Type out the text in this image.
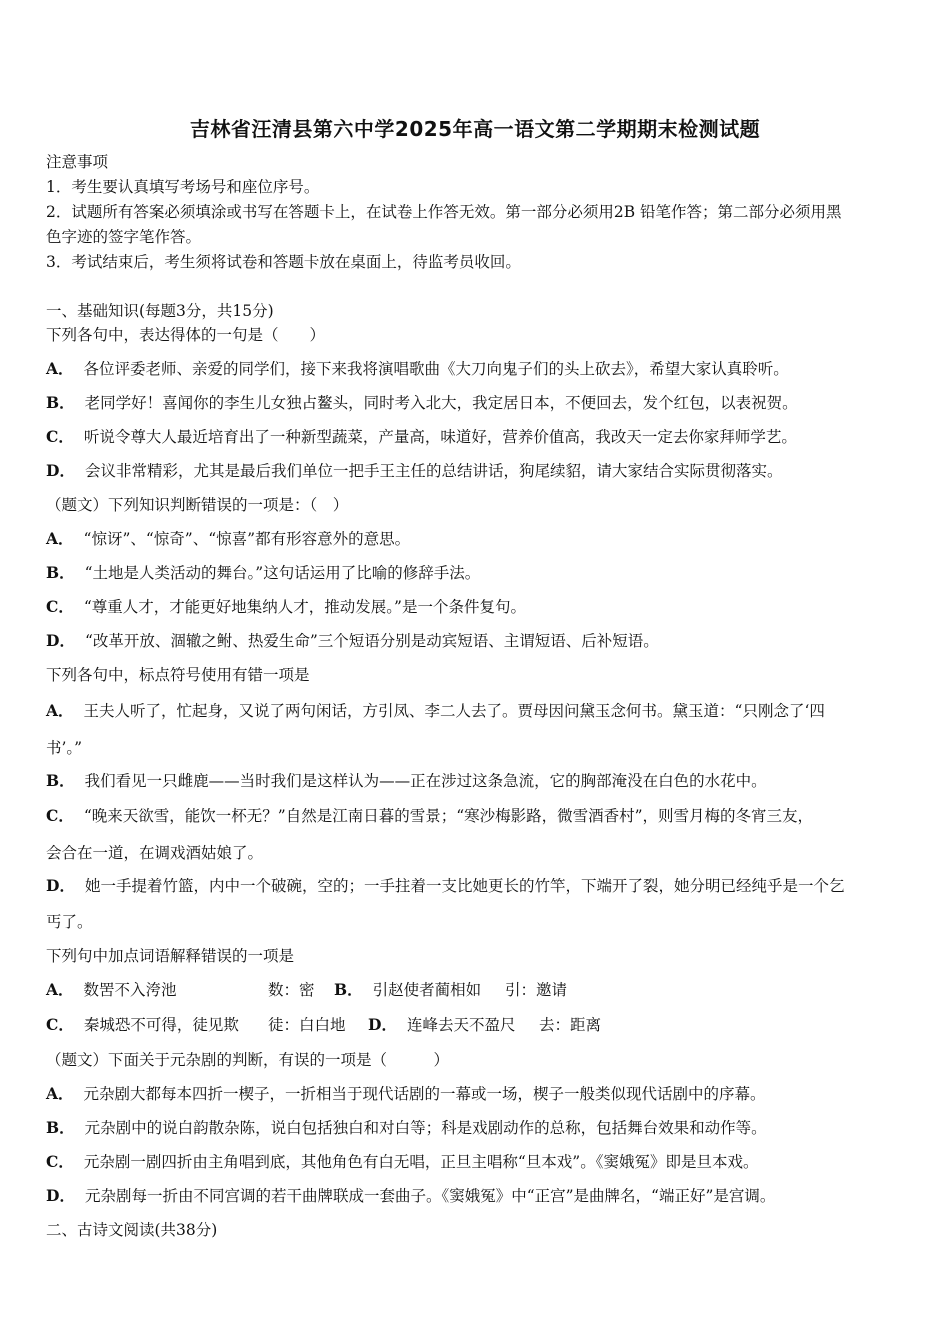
吉林省汪清县第六中学2025年高一语文第二学期期末检测试题
注意事项
1．考生要认真填写考场号和座位序号。
2．试题所有答案必须填涂或书写在答题卡上，在试卷上作答无效。第一部分必须用2B 铅笔作答；第二部分必须用黑
色字迹的签字笔作答。
3．考试结束后，考生须将试卷和答题卡放在桌面上，待监考员收回。
一、基础知识(每题3分，共15分)
下列各句中，表达得体的一句是（　　）
A． 各位评委老师、亲爱的同学们，接下来我将演唱歌曲《大刀向鬼子们的头上砍去》，希望大家认真聆听。
B． 老同学好！喜闻你的李生儿女独占鳌头，同时考入北大，我定居日本，不便回去，发个红包，以表祝贺。
C． 听说令尊大人最近培育出了一种新型蔬菜，产量高，味道好，营养价值高，我改天一定去你家拜师学艺。
D． 会议非常精彩，尤其是最后我们单位一把手王主任的总结讲话，狗尾续貂，请大家结合实际贯彻落实。
（题文）下列知识判断错误的一项是：（　）
A． “惊讶”、“惊奇”、“惊喜”都有形容意外的意思。
B． “土地是人类活动的舞台。”这句话运用了比喻的修辞手法。
C． “尊重人才，才能更好地集纳人才，推动发展。”是一个条件复句。
D． “改革开放、涸辙之鲋、热爱生命”三个短语分别是动宾短语、主谓短语、后补短语。
下列各句中，标点符号使用有错一项是
A． 王夫人听了，忙起身，又说了两句闲话，方引凤、李二人去了。贾母因问黛玉念何书。黛玉道：“只刚念了‘四
书’。”
B． 我们看见一只雌鹿——当时我们是这样认为——正在涉过这条急流，它的胸部淹没在白色的水花中。
C． “晚来天欲雪，能饮一杯无？”自然是江南日暮的雪景；“寒沙梅影路，微雪酒香村”，则雪月梅的冬宵三友，
会合在一道，在调戏酒姑娘了。
D． 她一手提着竹篮，内中一个破碗，空的；一手拄着一支比她更长的竹竿，下端开了裂，她分明已经纯乎是一个乞
丐了。
下列句中加点词语解释错误的一项是
A． 数罟不入洿池	数：密 B． 引赵使者蔺相如 引：邀请
C． 秦城恐不可得，徒见欺 徒：白白地 D． 连峰去天不盈尺 去：距离
（题文）下面关于元杂剧的判断，有误的一项是（　　　）
A． 元杂剧大都每本四折一楔子，一折相当于现代话剧的一幕或一场，楔子一般类似现代话剧中的序幕。
B． 元杂剧中的说白韵散杂陈，说白包括独白和对白等；科是戏剧动作的总称，包括舞台效果和动作等。
C． 元杂剧一剧四折由主角唱到底，其他角色有白无唱，正旦主唱称“旦本戏”。《窦娥冤》即是旦本戏。
D． 元杂剧每一折由不同宫调的若干曲牌联成一套曲子。《窦娥冤》中“正宫”是曲牌名，“端正好”是宫调。
二、古诗文阅读(共38分)
